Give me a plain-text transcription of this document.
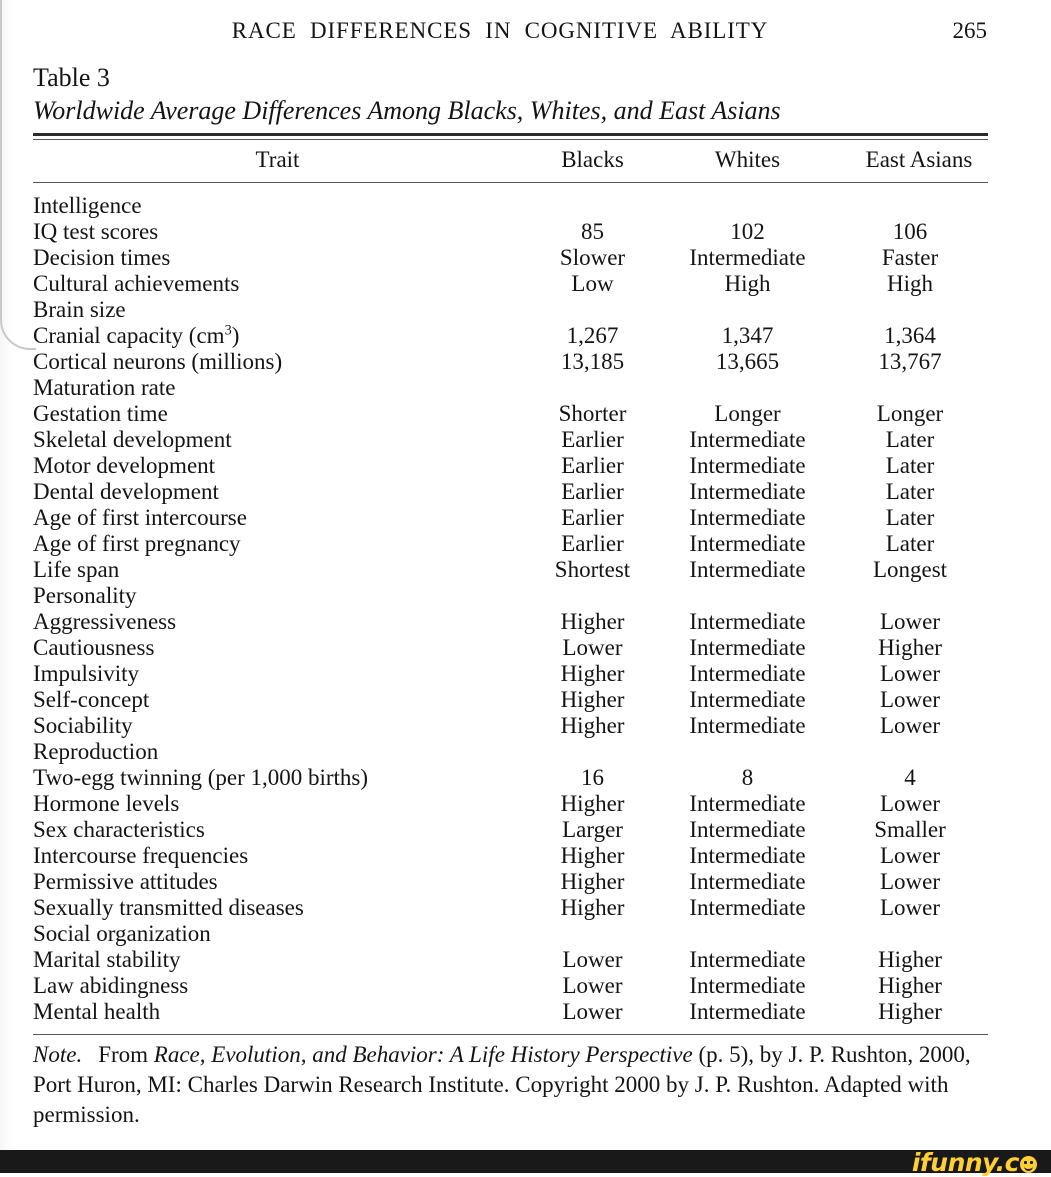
RACE  DIFFERENCES  IN  COGNITIVE  ABILITY	265
Table 3
Worldwide Average Differences Among Blacks, Whites, and East Asians
Trait	Blacks	Whites	East Asians

Intelligence			
IQ test scores	85	102	106
Decision times	Slower	Intermediate	Faster
Cultural achievements	Low	High	High
Brain size			
Cranial capacity $(cm^3)$	1,267	1,347	1,364
Cortical neurons (millions)	13,185	13,665	13,767
Maturation rate			
Gestation time	Shorter	Longer	Longer
Skeletal development	Earlier	Intermediate	Later
Motor development	Earlier	Intermediate	Later
Dental development	Earlier	Intermediate	Later
Age of first intercourse	Earlier	Intermediate	Later
Age of first pregnancy	Earlier	Intermediate	Later
Life span	Shortest	Intermediate	Longest
Personality			
Aggressiveness	Higher	Intermediate	Lower
Cautiousness	Lower	Intermediate	Higher
Impulsivity	Higher	Intermediate	Lower
Self-concept	Higher	Intermediate	Lower
Sociability	Higher	Intermediate	Lower
Reproduction			
Two-egg twinning (per 1,000 births)	16	8	4
Hormone levels	Higher	Intermediate	Lower
Sex characteristics	Larger	Intermediate	Smaller
Intercourse frequencies	Higher	Intermediate	Lower
Permissive attitudes	Higher	Intermediate	Lower
Sexually transmitted diseases	Higher	Intermediate	Lower
Social organization			
Marital stability	Lower	Intermediate	Higher
Law abidingness	Lower	Intermediate	Higher
Mental health	Lower	Intermediate	Higher

Note. From Race, Evolution, and Behavior: A Life History Perspective (p. 5), by J. P. Rushton, 2000, Port Huron, MI: Charles Darwin Research Institute. Copyright 2000 by J. P. Rushton. Adapted with permission.
ifunny.c
